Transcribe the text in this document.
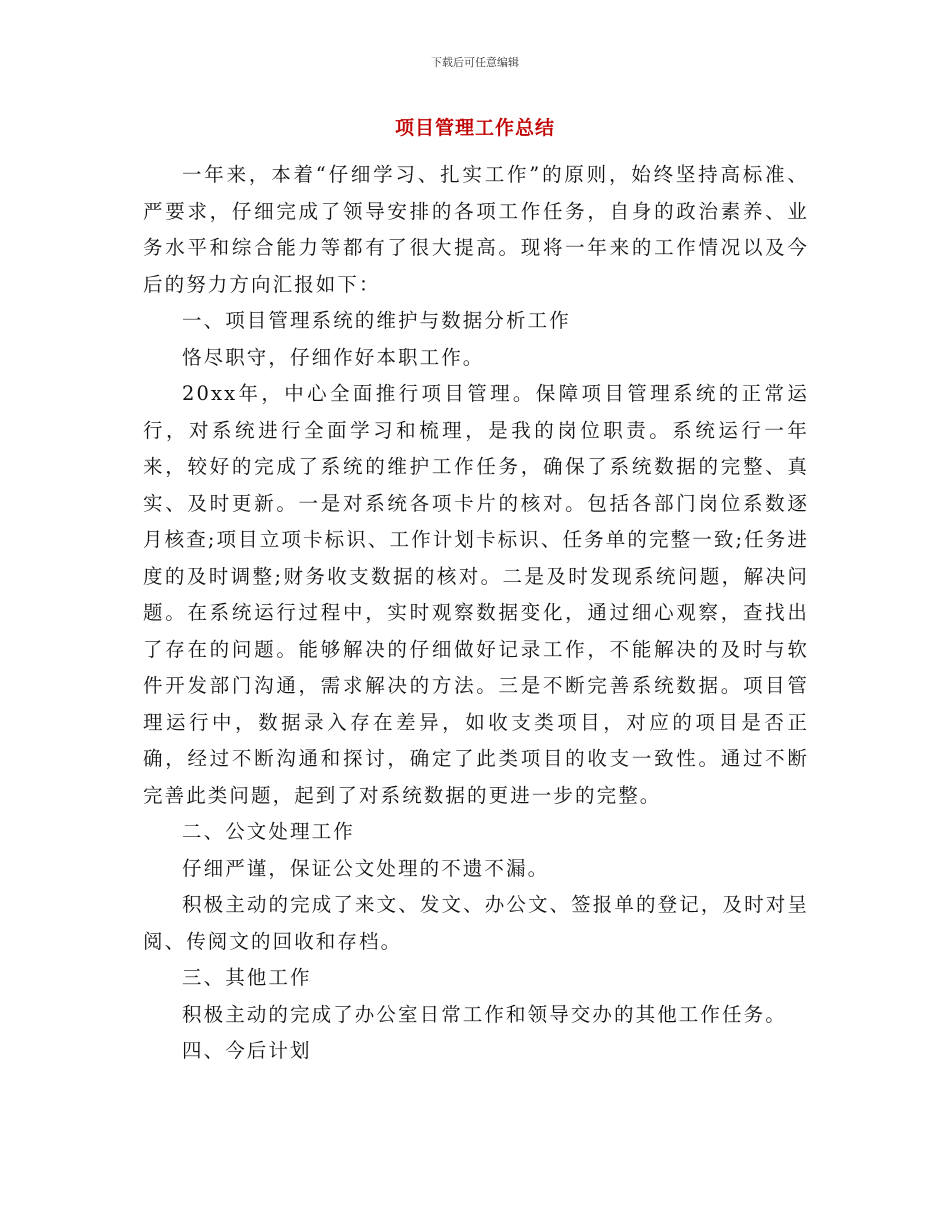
下载后可任意编辑
项目管理工作总结

一年来，本着“仔细学习、扎实工作”的原则，始终坚持高标准、严要求，仔细完成了领导安排的各项工作任务，自身的政治素养、业务水平和综合能力等都有了很大提高。现将一年来的工作情况以及今后的努力方向汇报如下：

一、项目管理系统的维护与数据分析工作

恪尽职守，仔细作好本职工作。

20xx年，中心全面推行项目管理。保障项目管理系统的正常运行，对系统进行全面学习和梳理，是我的岗位职责。系统运行一年来，较好的完成了系统的维护工作任务，确保了系统数据的完整、真实、及时更新。一是对系统各项卡片的核对。包括各部门岗位系数逐月核查;项目立项卡标识、工作计划卡标识、任务单的完整一致;任务进度的及时调整;财务收支数据的核对。二是及时发现系统问题，解决问题。在系统运行过程中，实时观察数据变化，通过细心观察，查找出了存在的问题。能够解决的仔细做好记录工作，不能解决的及时与软件开发部门沟通，需求解决的方法。三是不断完善系统数据。项目管理运行中，数据录入存在差异，如收支类项目，对应的项目是否正确，经过不断沟通和探讨，确定了此类项目的收支一致性。通过不断完善此类问题，起到了对系统数据的更进一步的完整。

二、公文处理工作

仔细严谨，保证公文处理的不遗不漏。

积极主动的完成了来文、发文、办公文、签报单的登记，及时对呈阅、传阅文的回收和存档。

三、其他工作

积极主动的完成了办公室日常工作和领导交办的其他工作任务。

四、今后计划
